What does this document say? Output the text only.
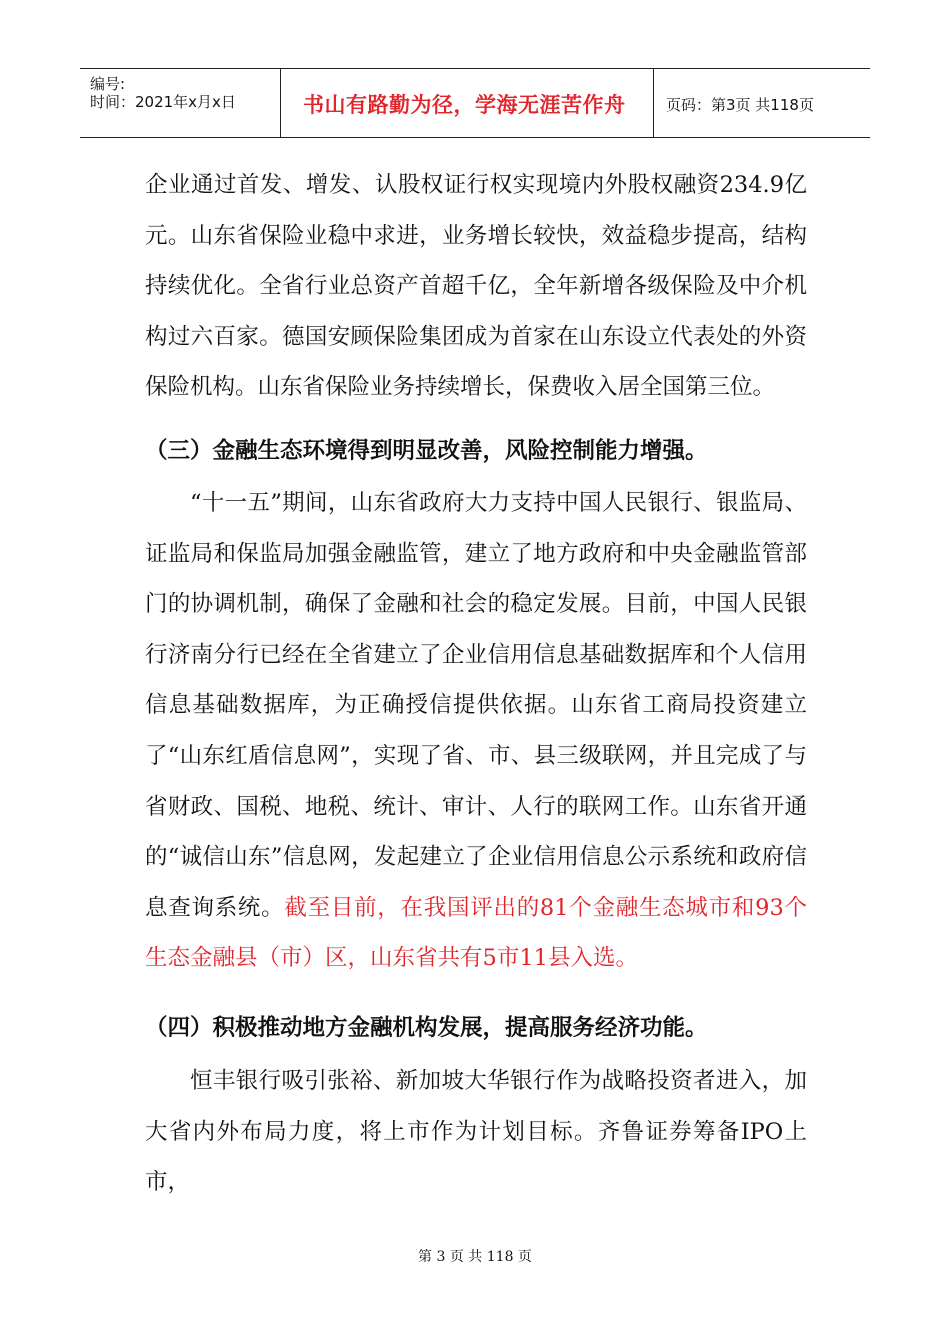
编号:
时间：2021年x月x日	书山有路勤为径，学海无涯苦作舟	页码：第3页 共118页

企业通过首发、增发、认股权证行权实现境内外股权融资234.9亿元。山东省保险业稳中求进，业务增长较快，效益稳步提高，结构持续优化。全省行业总资产首超千亿，全年新增各级保险及中介机构过六百家。德国安顾保险集团成为首家在山东设立代表处的外资保险机构。山东省保险业务持续增长，保费收入居全国第三位。

（三）金融生态环境得到明显改善，风险控制能力增强。

“十一五”期间，山东省政府大力支持中国人民银行、银监局、证监局和保监局加强金融监管，建立了地方政府和中央金融监管部门的协调机制，确保了金融和社会的稳定发展。目前，中国人民银行济南分行已经在全省建立了企业信用信息基础数据库和个人信用信息基础数据库，为正确授信提供依据。山东省工商局投资建立了“山东红盾信息网”，实现了省、市、县三级联网，并且完成了与省财政、国税、地税、统计、审计、人行的联网工作。山东省开通的“诚信山东”信息网，发起建立了企业信用信息公示系统和政府信息查询系统。截至目前，在我国评出的81个金融生态城市和93个生态金融县（市）区，山东省共有5市11县入选。

（四）积极推动地方金融机构发展，提高服务经济功能。

恒丰银行吸引张裕、新加坡大华银行作为战略投资者进入，加大省内外布局力度，将上市作为计划目标。齐鲁证券筹备IPO上市，

第 3 页 共 118 页
